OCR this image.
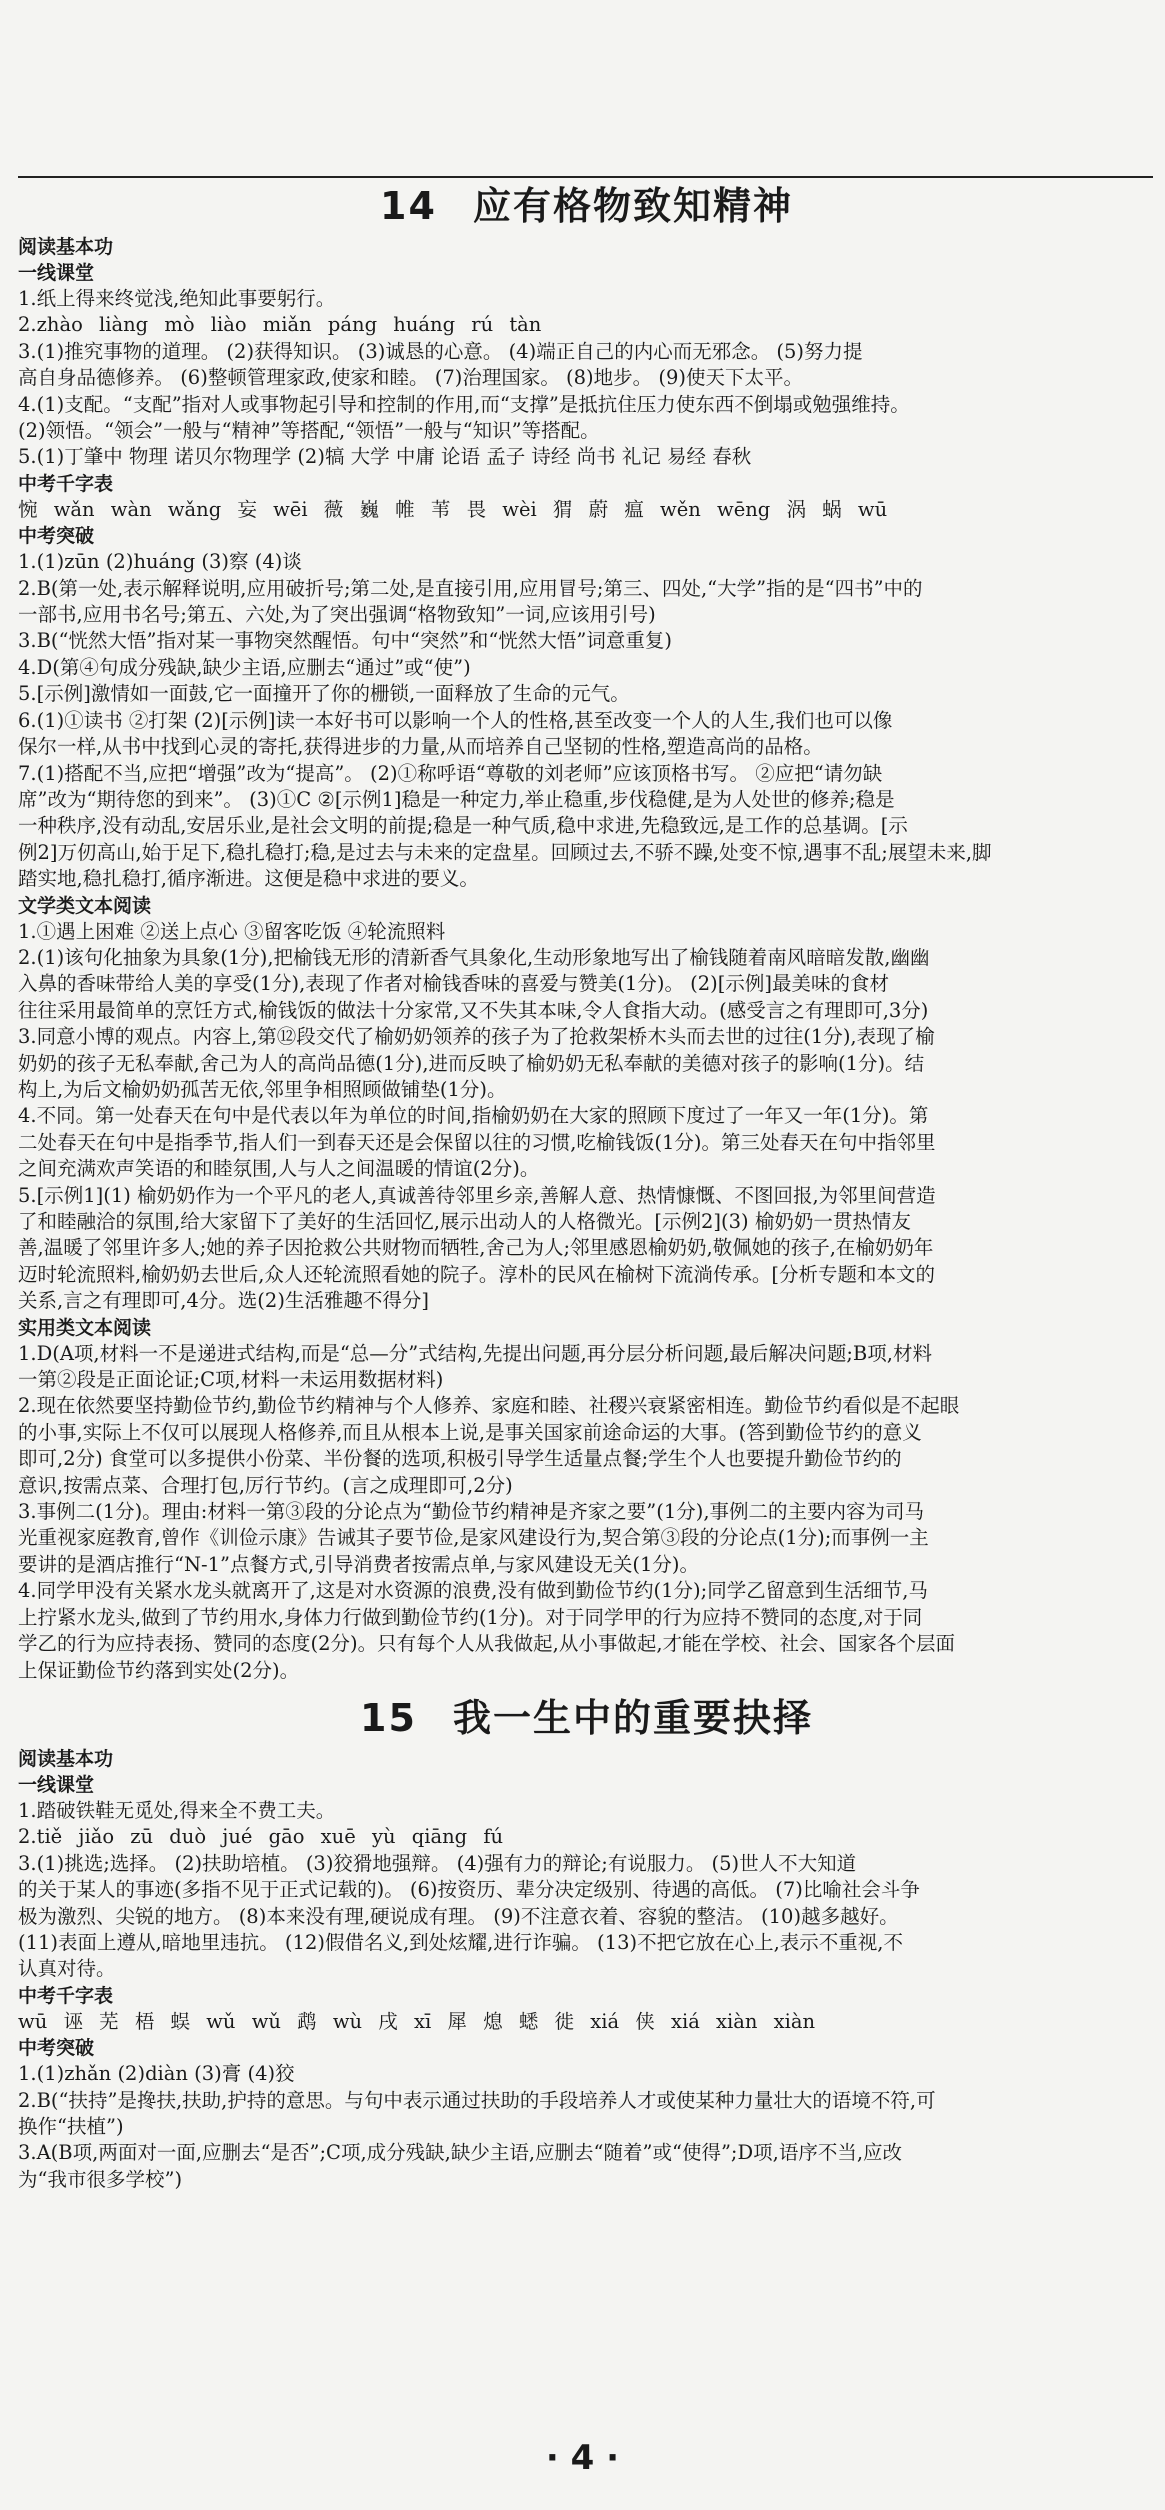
14 应有格物致知精神
阅读基本功
一线课堂
1.纸上得来终觉浅,绝知此事要躬行。
2.zhào liàng mò liào miǎn páng huáng rú tàn
3.(1)推究事物的道理。 (2)获得知识。 (3)诚恳的心意。 (4)端正自己的内心而无邪念。 (5)努力提
高自身品德修养。 (6)整顿管理家政,使家和睦。 (7)治理国家。 (8)地步。 (9)使天下太平。
4.(1)支配。“支配”指对人或事物起引导和控制的作用,而“支撑”是抵抗住压力使东西不倒塌或勉强维持。
(2)领悟。“领会”一般与“精神”等搭配,“领悟”一般与“知识”等搭配。
5.(1)丁肇中 物理 诺贝尔物理学 (2)犒 大学 中庸 论语 孟子 诗经 尚书 礼记 易经 春秋
中考千字表
惋 wǎn wàn wǎng 妄 wēi 薇 巍 帷 苇 畏 wèi 猬 蔚 瘟 wěn wēng 涡 蜗 wū
中考突破
1.(1)zūn (2)huáng (3)察 (4)谈
2.B(第一处,表示解释说明,应用破折号;第二处,是直接引用,应用冒号;第三、四处,“大学”指的是“四书”中的
一部书,应用书名号;第五、六处,为了突出强调“格物致知”一词,应该用引号)
3.B(“恍然大悟”指对某一事物突然醒悟。句中“突然”和“恍然大悟”词意重复)
4.D(第④句成分残缺,缺少主语,应删去“通过”或“使”)
5.[示例]激情如一面鼓,它一面撞开了你的栅锁,一面释放了生命的元气。
6.(1)①读书 ②打架 (2)[示例]读一本好书可以影响一个人的性格,甚至改变一个人的人生,我们也可以像
保尔一样,从书中找到心灵的寄托,获得进步的力量,从而培养自己坚韧的性格,塑造高尚的品格。
7.(1)搭配不当,应把“增强”改为“提高”。 (2)①称呼语“尊敬的刘老师”应该顶格书写。 ②应把“请勿缺
席”改为“期待您的到来”。 (3)①C ②[示例1]稳是一种定力,举止稳重,步伐稳健,是为人处世的修养;稳是
一种秩序,没有动乱,安居乐业,是社会文明的前提;稳是一种气质,稳中求进,先稳致远,是工作的总基调。[示
例2]万仞高山,始于足下,稳扎稳打;稳,是过去与未来的定盘星。回顾过去,不骄不躁,处变不惊,遇事不乱;展望未来,脚
踏实地,稳扎稳打,循序渐进。这便是稳中求进的要义。
文学类文本阅读
1.①遇上困难 ②送上点心 ③留客吃饭 ④轮流照料
2.(1)该句化抽象为具象(1分),把榆钱无形的清新香气具象化,生动形象地写出了榆钱随着南风暗暗发散,幽幽
入鼻的香味带给人美的享受(1分),表现了作者对榆钱香味的喜爱与赞美(1分)。 (2)[示例]最美味的食材
往往采用最简单的烹饪方式,榆钱饭的做法十分家常,又不失其本味,令人食指大动。(感受言之有理即可,3分)
3.同意小博的观点。内容上,第⑫段交代了榆奶奶领养的孩子为了抢救架桥木头而去世的过往(1分),表现了榆
奶奶的孩子无私奉献,舍己为人的高尚品德(1分),进而反映了榆奶奶无私奉献的美德对孩子的影响(1分)。结
构上,为后文榆奶奶孤苦无依,邻里争相照顾做铺垫(1分)。
4.不同。第一处春天在句中是代表以年为单位的时间,指榆奶奶在大家的照顾下度过了一年又一年(1分)。第
二处春天在句中是指季节,指人们一到春天还是会保留以往的习惯,吃榆钱饭(1分)。第三处春天在句中指邻里
之间充满欢声笑语的和睦氛围,人与人之间温暖的情谊(2分)。
5.[示例1](1) 榆奶奶作为一个平凡的老人,真诚善待邻里乡亲,善解人意、热情慷慨、不图回报,为邻里间营造
了和睦融洽的氛围,给大家留下了美好的生活回忆,展示出动人的人格微光。[示例2](3) 榆奶奶一贯热情友
善,温暖了邻里许多人;她的养子因抢救公共财物而牺牲,舍己为人;邻里感恩榆奶奶,敬佩她的孩子,在榆奶奶年
迈时轮流照料,榆奶奶去世后,众人还轮流照看她的院子。淳朴的民风在榆树下流淌传承。[分析专题和本文的
关系,言之有理即可,4分。选(2)生活雅趣不得分]
实用类文本阅读
1.D(A项,材料一不是递进式结构,而是“总—分”式结构,先提出问题,再分层分析问题,最后解决问题;B项,材料
一第②段是正面论证;C项,材料一未运用数据材料)
2.现在依然要坚持勤俭节约,勤俭节约精神与个人修养、家庭和睦、社稷兴衰紧密相连。勤俭节约看似是不起眼
的小事,实际上不仅可以展现人格修养,而且从根本上说,是事关国家前途命运的大事。(答到勤俭节约的意义
即可,2分) 食堂可以多提供小份菜、半份餐的选项,积极引导学生适量点餐;学生个人也要提升勤俭节约的
意识,按需点菜、合理打包,厉行节约。(言之成理即可,2分)
3.事例二(1分)。理由:材料一第③段的分论点为“勤俭节约精神是齐家之要”(1分),事例二的主要内容为司马
光重视家庭教育,曾作《训俭示康》告诫其子要节俭,是家风建设行为,契合第③段的分论点(1分);而事例一主
要讲的是酒店推行“N-1”点餐方式,引导消费者按需点单,与家风建设无关(1分)。
4.同学甲没有关紧水龙头就离开了,这是对水资源的浪费,没有做到勤俭节约(1分);同学乙留意到生活细节,马
上拧紧水龙头,做到了节约用水,身体力行做到勤俭节约(1分)。对于同学甲的行为应持不赞同的态度,对于同
学乙的行为应持表扬、赞同的态度(2分)。只有每个人从我做起,从小事做起,才能在学校、社会、国家各个层面
上保证勤俭节约落到实处(2分)。
15 我一生中的重要抉择
阅读基本功
一线课堂
1.踏破铁鞋无觅处,得来全不费工夫。
2.tiě jiǎo zū duò jué gāo xuē yù qiāng fú
3.(1)挑选;选择。 (2)扶助培植。 (3)狡猾地强辩。 (4)强有力的辩论;有说服力。 (5)世人不大知道
的关于某人的事迹(多指不见于正式记载的)。 (6)按资历、辈分决定级别、待遇的高低。 (7)比喻社会斗争
极为激烈、尖锐的地方。 (8)本来没有理,硬说成有理。 (9)不注意衣着、容貌的整洁。 (10)越多越好。
(11)表面上遵从,暗地里违抗。 (12)假借名义,到处炫耀,进行诈骗。 (13)不把它放在心上,表示不重视,不
认真对待。
中考千字表
wū 诬 芜 梧 蜈 wǔ wǔ 鹉 wù 戌 xī 犀 熄 蟋 徙 xiá 侠 xiá xiàn xiàn
中考突破
1.(1)zhǎn (2)diàn (3)膏 (4)狡
2.B(“扶持”是搀扶,扶助,护持的意思。与句中表示通过扶助的手段培养人才或使某种力量壮大的语境不符,可
换作“扶植”)
3.A(B项,两面对一面,应删去“是否”;C项,成分残缺,缺少主语,应删去“随着”或“使得”;D项,语序不当,应改
为“我市很多学校”)
· 4 ·
